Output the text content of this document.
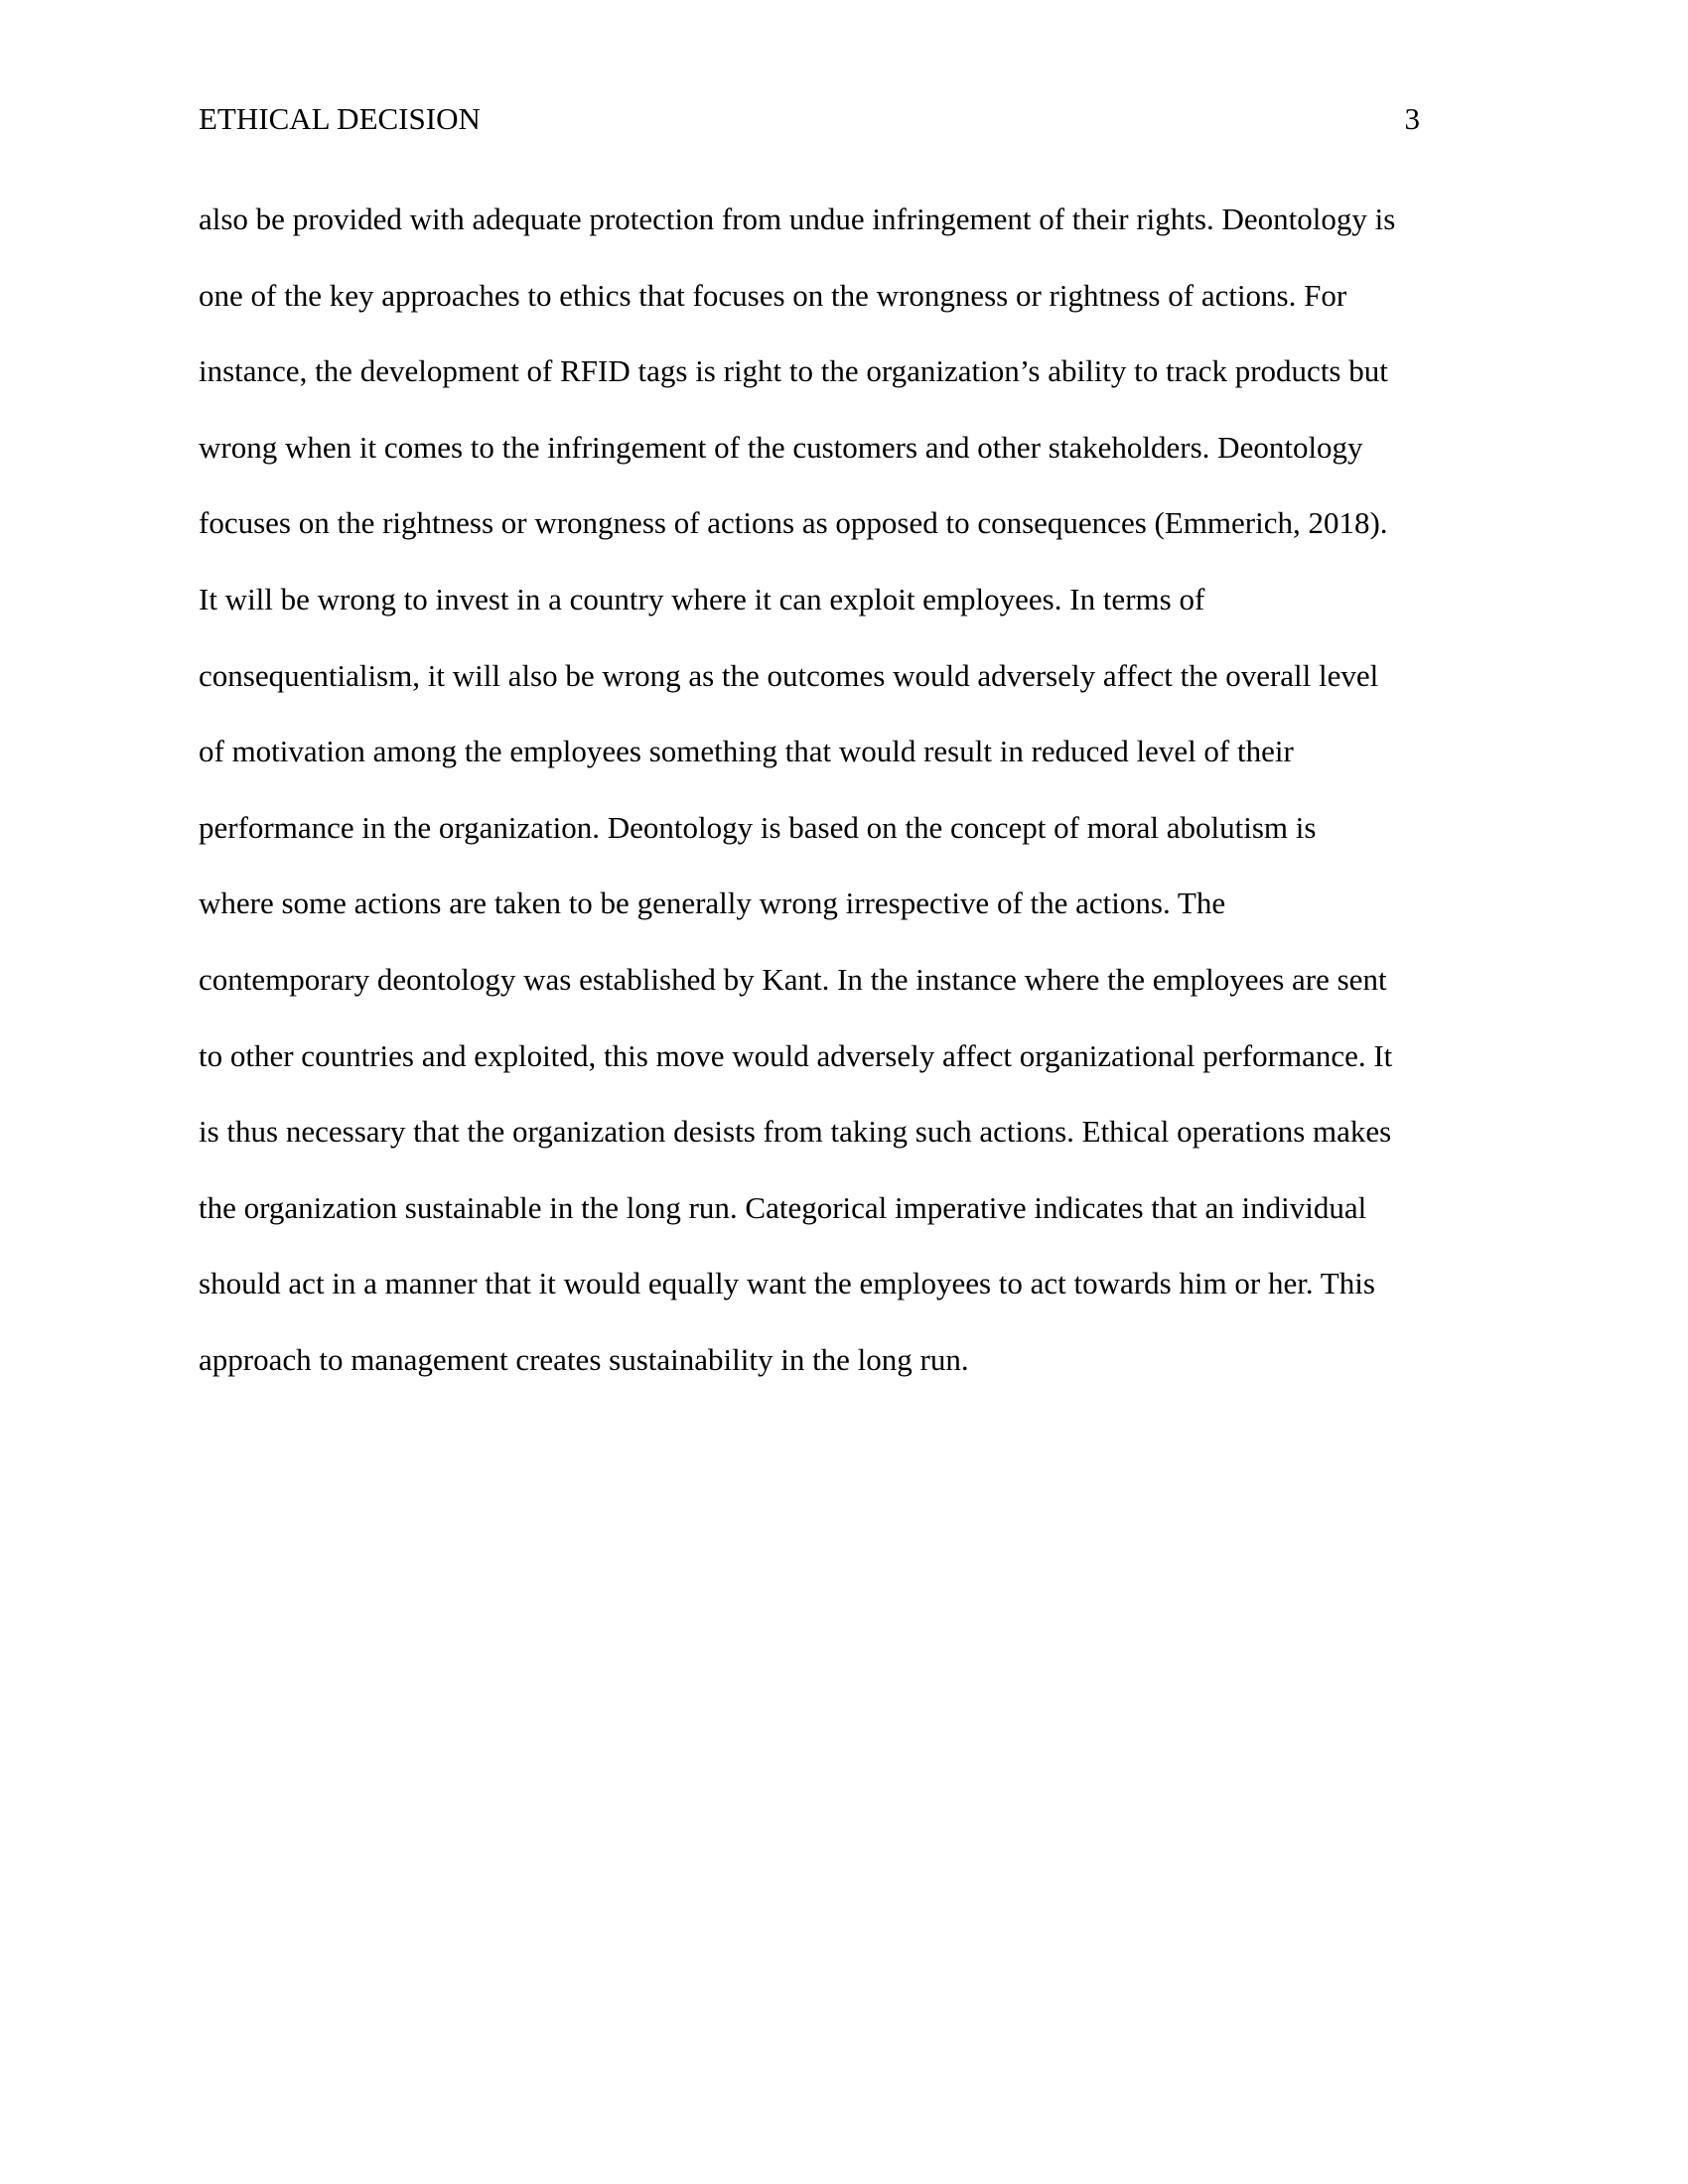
ETHICAL DECISION	3
also be provided with adequate protection from undue infringement of their rights. Deontology is
one of the key approaches to ethics that focuses on the wrongness or rightness of actions. For
instance, the development of RFID tags is right to the organization’s ability to track products but
wrong when it comes to the infringement of the customers and other stakeholders. Deontology
focuses on the rightness or wrongness of actions as opposed to consequences (Emmerich, 2018).
It will be wrong to invest in a country where it can exploit employees. In terms of
consequentialism, it will also be wrong as the outcomes would adversely affect the overall level
of motivation among the employees something that would result in reduced level of their
performance in the organization. Deontology is based on the concept of moral abolutism is
where some actions are taken to be generally wrong irrespective of the actions. The
contemporary deontology was established by Kant. In the instance where the employees are sent
to other countries and exploited, this move would adversely affect organizational performance. It
is thus necessary that the organization desists from taking such actions. Ethical operations makes
the organization sustainable in the long run. Categorical imperative indicates that an individual
should act in a manner that it would equally want the employees to act towards him or her. This
approach to management creates sustainability in the long run.
